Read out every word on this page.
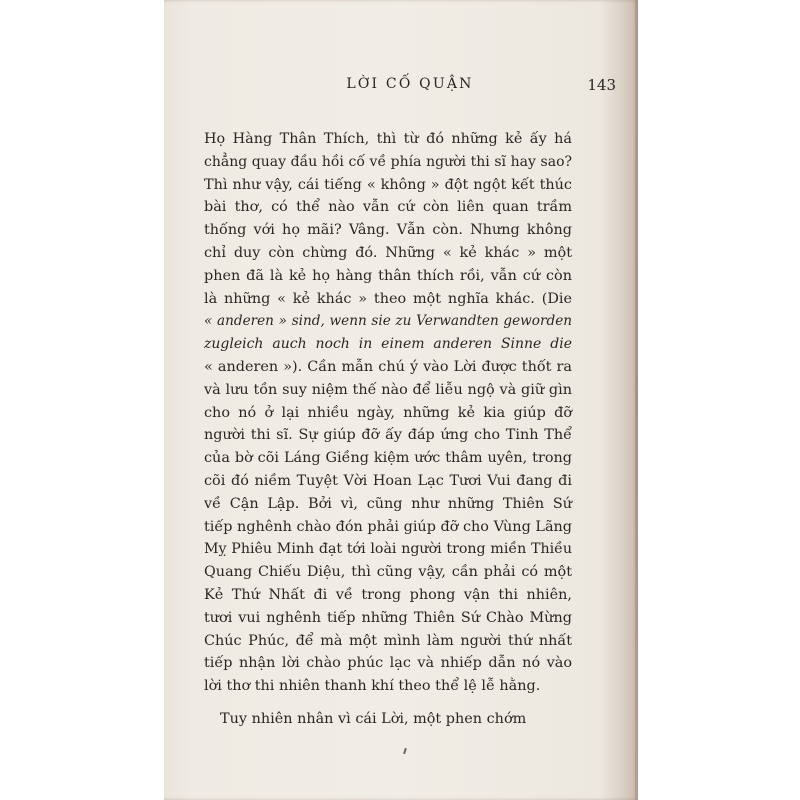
LỜI CỐ QUẬN	143
Họ Hàng Thân Thích, thì từ đó những kẻ ấy há
chẳng quay đầu hồi cố về phía người thi sĩ hay sao?
Thì như vậy, cái tiếng « không » đột ngột kết thúc
bài thơ, có thể nào vẫn cứ còn liên quan trầm
thống với họ mãi? Vâng. Vẫn còn. Nhưng không
chỉ duy còn chừng đó. Những « kẻ khác » một
phen đã là kẻ họ hàng thân thích rồi, vẫn cứ còn
là những « kẻ khác » theo một nghĩa khác. (Die
« anderen » sind, wenn sie zu Verwandten geworden
zugleich auch noch in einem anderen Sinne die
« anderen »). Cần mẫn chú ý vào Lời được thốt ra
và lưu tồn suy niệm thế nào để liễu ngộ và giữ gìn
cho nó ở lại nhiều ngày, những kẻ kia giúp đỡ
người thi sĩ. Sự giúp đỡ ấy đáp ứng cho Tinh Thể
của bờ cõi Láng Giềng kiệm ước thâm uyên, trong
cõi đó niềm Tuyệt Vời Hoan Lạc Tươi Vui đang đi
về Cận Lập. Bởi vì, cũng như những Thiên Sứ
tiếp nghênh chào đón phải giúp đỡ cho Vùng Lãng
Mỵ Phiêu Minh đạt tới loài người trong miền Thiều
Quang Chiếu Diệu, thì cũng vậy, cần phải có một
Kẻ Thứ Nhất đi về trong phong vận thi nhiên,
tươi vui nghênh tiếp những Thiên Sứ Chào Mừng
Chúc Phúc, để mà một mình làm người thứ nhất
tiếp nhận lời chào phúc lạc và nhiếp dẫn nó vào
lời thơ thi nhiên thanh khí theo thể lệ lễ hằng.
Tuy nhiên nhân vì cái Lời, một phen chớm
